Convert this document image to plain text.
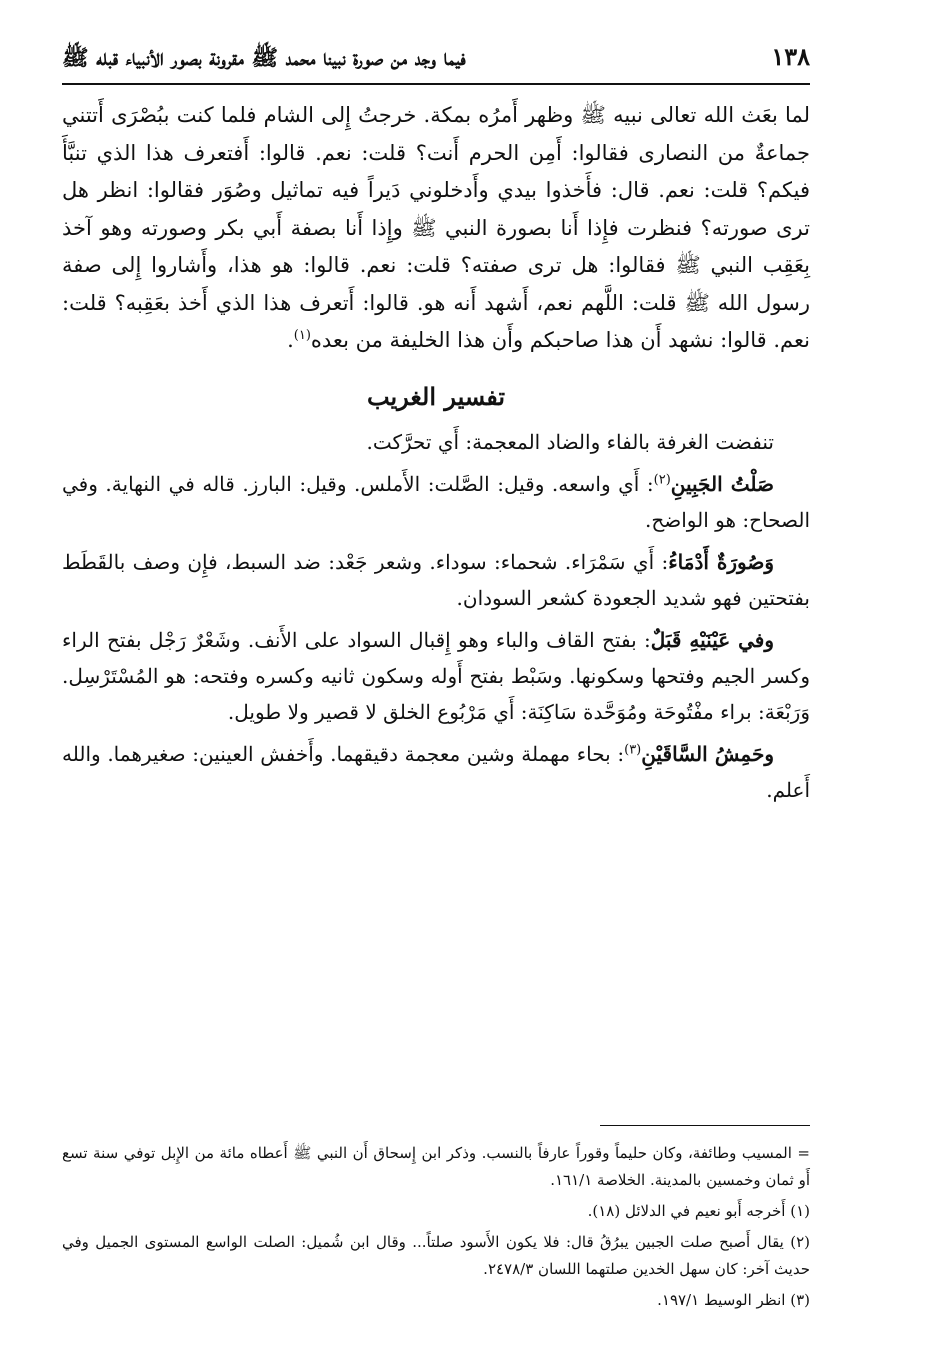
١٣٨
فيما وجد من صورة نبينا محمد ﷺ مقرونة بصور الأنبياء قبله ﷺ

لما بعَث الله تعالى نبيه ﷺ وظهر أَمرُه بمكة. خرجتُ إِلى الشام فلما كنت ببُصْرَى أَتتني جماعةٌ من النصارى فقالوا: أَمِن الحرم أَنت؟ قلت: نعم. قالوا: أَفتعرف هذا الذي تنبَّأَ فيكم؟ قلت: نعم. قال: فأَخذوا بيدي وأَدخلوني دَيراً فيه تماثيل وصُوَر فقالوا: انظر هل ترى صورته؟ فنظرت فإِذا أَنا بصورة النبي ﷺ وإِذا أَنا بصفة أَبي بكر وصورته وهو آخذ بِعَقِب النبي ﷺ فقالوا: هل ترى صفته؟ قلت: نعم. قالوا: هو هذا، وأَشاروا إِلى صفة رسول الله ﷺ قلت: اللَّهم نعم، أَشهد أَنه هو. قالوا: أَتعرف هذا الذي أَخذ بعَقِبه؟ قلت: نعم. قالوا: نشهد أَن هذا صاحبكم وأَن هذا الخليفة من بعده$^{(١)}$.

تفسير الغريب

تنفضت الغرفة بالفاء والضاد المعجمة: أَي تحرَّكت.

صَلْتُ الجَبِينِ$^{(٢)}$: أَي واسعه. وقيل: الصَّلت: الأَملس. وقيل: البارز. قاله في النهاية. وفي الصحاح: هو الواضح.

وَصُورَةٌ أَدْمَاءُ: أَي سَمْرَاء. شحماء: سوداء. وشعر جَعْد: ضد السبط، فإِن وصف بالقَطَط بفتحتين فهو شديد الجعودة كشعر السودان.

وفي عَيْنَيْهِ قَبَلٌ: بفتح القاف والباء وهو إِقبال السواد على الأَنف. وشَعْرٌ رَجْل بفتح الراء وكسر الجيم وفتحها وسكونها. وسَبْط بفتح أَوله وسكون ثانيه وكسره وفتحه: هو المُسْتَرْسِل. وَرَبْعَة: براء مفْتُوحَة ومُوَحَّدة سَاكِنَة: أَي مَرْبُوع الخلق لا قصير ولا طويل.

وحَمِشُ السَّاقَيْنِ$^{(٣)}$: بحاء مهملة وشين معجمة دقيقهما. وأَخفش العينين: صغيرهما. والله أَعلم.

= المسيب وطائفة، وكان حليماً وقوراً عارفاً بالنسب. وذكر ابن إِسحاق أَن النبي ﷺ أَعطاه مائة من الإِبل توفي سنة تسع أَو ثمان وخمسين بالمدينة. الخلاصة ١٦١/١.

(١) أَخرجه أَبو نعيم في الدلائل (١٨).

(٢) يقال أَصبح صلت الجبين يبرُقُ قال: فلا يكون الأَسود صلتاً... وقال ابن شُميل: الصلت الواسع المستوى الجميل وفي حديث آخر: كان سهل الخدين صلتهما اللسان ٢٤٧٨/٣.

(٣) انظر الوسيط ١٩٧/١.
